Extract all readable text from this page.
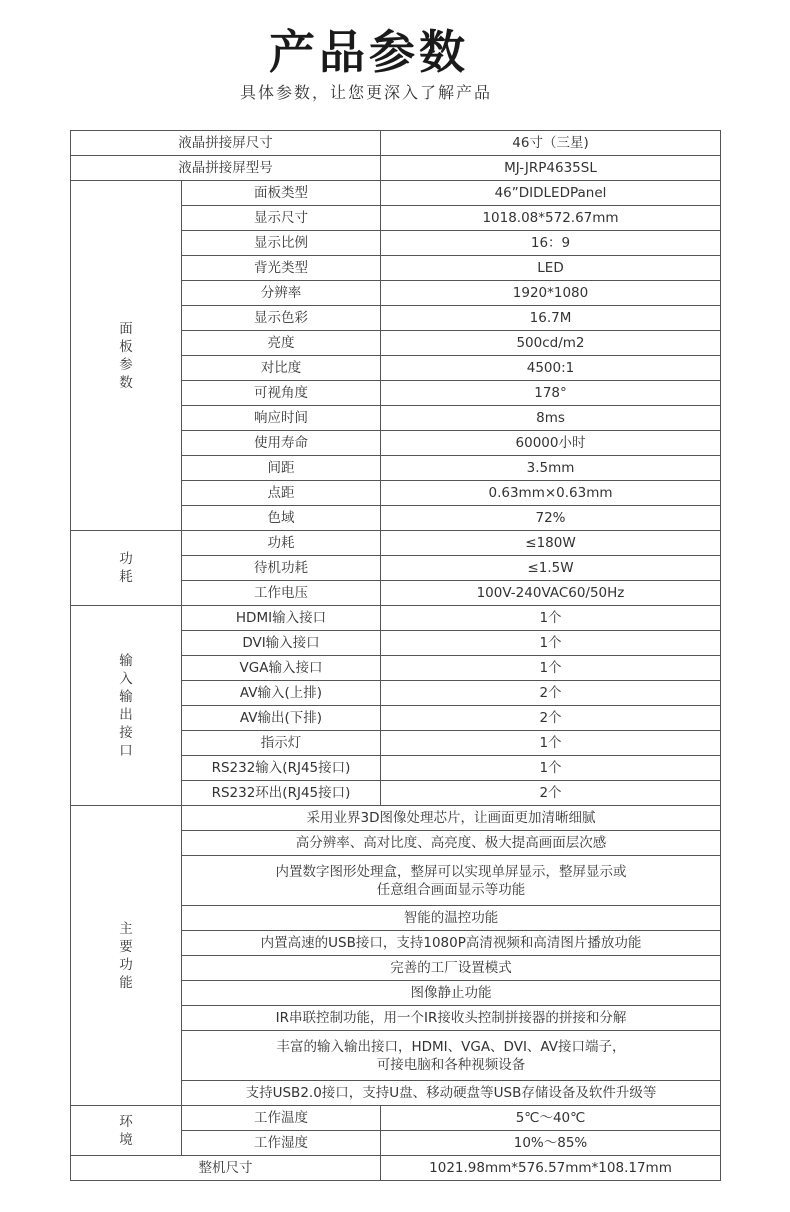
产品参数
具体参数，让您更深入了解产品
液晶拼接屏尺寸		46寸（三星)
液晶拼接屏型号		MJ-JRP4635SL
面板参数	面板类型	46”DIDLEDPanel
	显示尺寸	1018.08*572.67mm
	显示比例	16：9
	背光类型	LED
	分辨率	1920*1080
	显示色彩	16.7M
	亮度	500cd/m2
	对比度	4500:1
	可视角度	178°
	响应时间	8ms
	使用寿命	60000小时
	间距	3.5mm
	点距	0.63mm×0.63mm
	色域	72%
功耗	功耗	≤180W
	待机功耗	≤1.5W
	工作电压	100V-240VAC60/50Hz
输入输出接口	HDMI输入接口	1个
	DVI输入接口	1个
	VGA输入接口	1个
	AV输入(上排)	2个
	AV输出(下排)	2个
	指示灯	1个
	RS232输入(RJ45接口)	1个
	RS232环出(RJ45接口)	2个
主要功能	采用业界3D图像处理芯片，让画面更加清晰细腻	
	高分辨率、高对比度、高亮度、极大提高画面层次感	

	内置数字图形处理盒，整屏可以实现单屏显示，整屏显示或
任意组合画面显示等功能	

	智能的温控功能	
	内置高速的USB接口，支持1080P高清视频和高清图片播放功能	
	完善的工厂设置模式	
	图像静止功能	
	IR串联控制功能，用一个IR接收头控制拼接器的拼接和分解	

	丰富的输入输出接口，HDMI、VGA、DVI、AV接口端子，
可接电脑和各种视频设备	

	支持USB2.0接口，支持U盘、移动硬盘等USB存储设备及软件升级等	
环境	工作温度	5℃～40℃
	工作湿度	10%～85%
整机尺寸		1021.98mm*576.57mm*108.17mm
